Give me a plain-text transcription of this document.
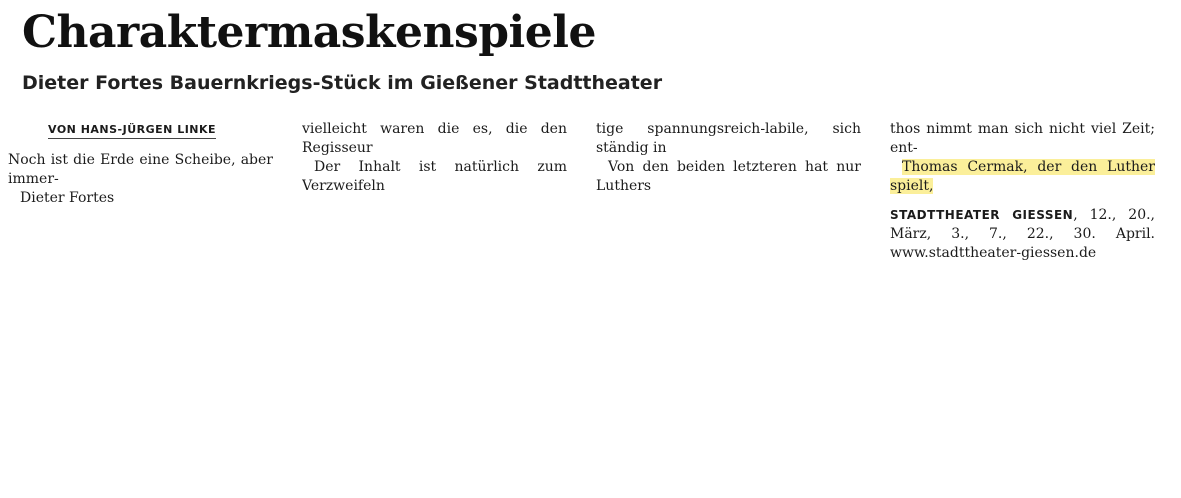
Charaktermaskenspiele
Dieter Fortes Bauernkriegs-Stück im Gießener Stadttheater
VON HANS-JÜRGEN LINKE

Noch ist die Erde eine Scheibe, aber immer-

Dieter Fortes

vielleicht waren die es, die den Regisseur

Der Inhalt ist natürlich zum Verzweifeln

tige spannungsreich-labile, sich ständig in

Von den beiden letzteren hat nur Luthers

thos nimmt man sich nicht viel Zeit; ent-

Thomas Cermak, der den Luther spielt,

STADTTHEATER GIESSEN, 12., 20., März, 3., 7., 22., 30. April. www.stadttheater-giessen.de
